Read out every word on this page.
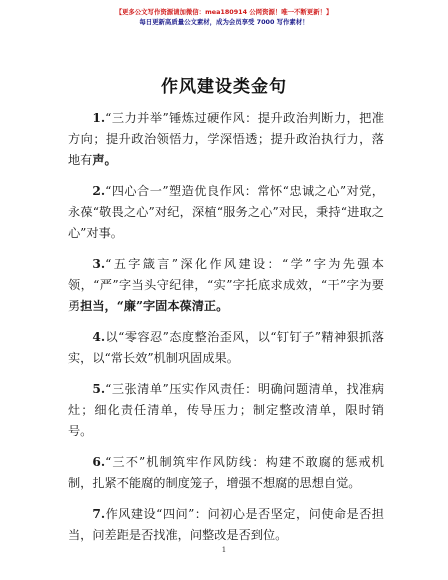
【更多公文写作资源请加微信：mea180914 公网资源！唯一不断更新！】
每日更新高质量公文素材，成为会员享受 7000 写作素材！
作风建设类金句

1.“三力并举”锤炼过硬作风：提升政治判断力，把准方向；提升政治领悟力，学深悟透；提升政治执行力，落地有声。

2.“四心合一”塑造优良作风：常怀“忠诚之心”对党，永葆“敬畏之心”对纪，深植“服务之心”对民，秉持“进取之心”对事。

3.“五字箴言”深化作风建设：“学”字为先强本领，“严”字当头守纪律，“实”字托底求成效，“干”字为要勇担当，“廉”字固本葆清正。

4.以“零容忍”态度整治歪风，以“钉钉子”精神狠抓落实，以“常长效”机制巩固成果。

5.“三张清单”压实作风责任：明确问题清单，找准病灶；细化责任清单，传导压力；制定整改清单，限时销号。

6.“三不”机制筑牢作风防线：构建不敢腐的惩戒机制，扎紧不能腐的制度笼子，增强不想腐的思想自觉。

7.作风建设“四问”：问初心是否坚定，问使命是否担当，问差距是否找准，问整改是否到位。

1
